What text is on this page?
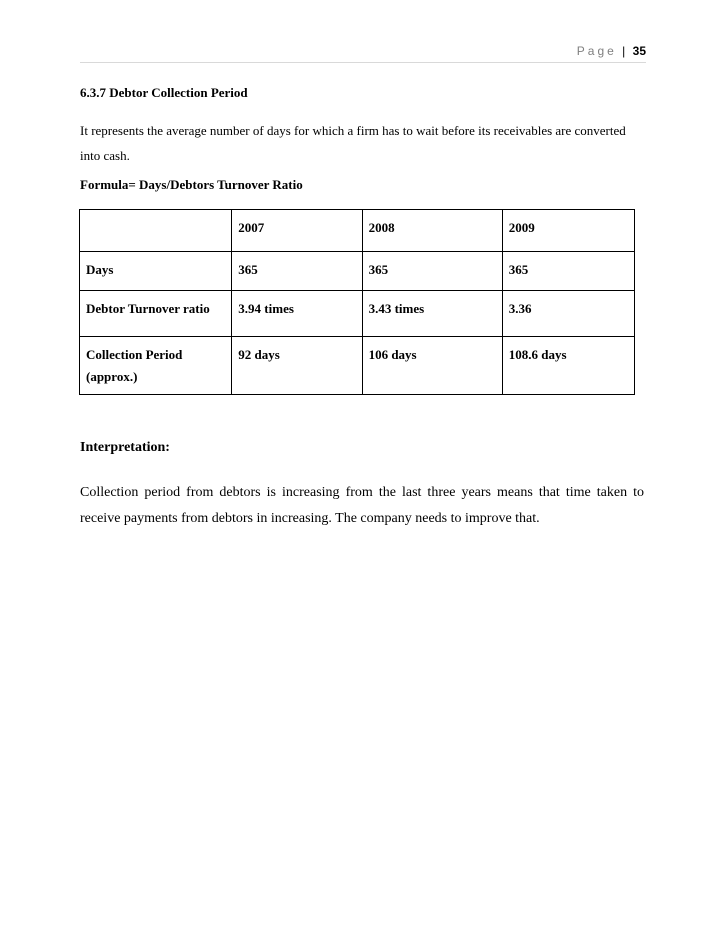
Page | 35
6.3.7 Debtor Collection Period

It represents the average number of days for which a firm has to wait before its receivables are converted into cash.

Formula= Days/Debtors Turnover Ratio

	2007	2008	2009
Days	365	365	365
Debtor Turnover ratio	3.94 times	3.43 times	3.36
Collection Period (approx.)	92 days	106 days	108.6 days
Interpretation:

Collection period from debtors is increasing from the last three years means that time taken to receive payments from debtors in increasing. The company needs to improve that.
